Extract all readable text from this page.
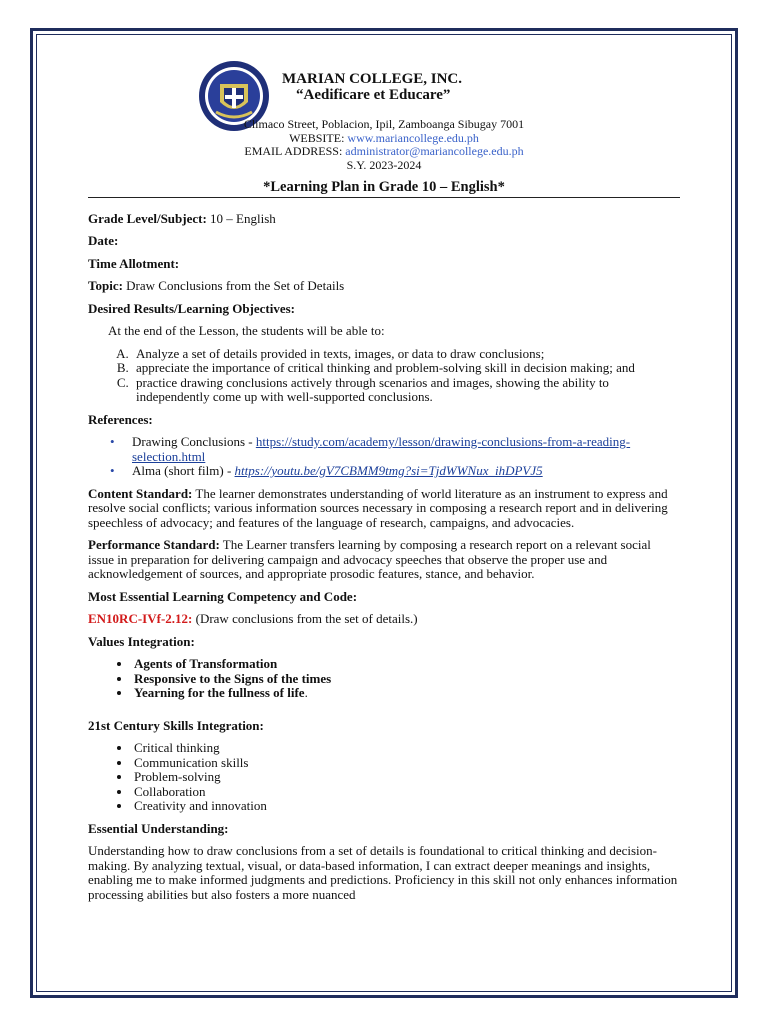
MARIAN COLLEGE, INC.
“Aedificare et Educare”
Climaco Street, Poblacion, Ipil, Zamboanga Sibugay 7001
WEBSITE: www.mariancollege.edu.ph
EMAIL ADDRESS: administrator@mariancollege.edu.ph
S.Y. 2023-2024
*Learning Plan in Grade 10 – English*

Grade Level/Subject: 10 – English

Date:

Time Allotment:

Topic: Draw Conclusions from the Set of Details

Desired Results/Learning Objectives:

At the end of the Lesson, the students will be able to:

A. Analyze a set of details provided in texts, images, or data to draw conclusions;
B. appreciate the importance of critical thinking and problem-solving skill in decision making; and
C. practice drawing conclusions actively through scenarios and images, showing the ability to independently come up with well-supported conclusions.

References:

• Drawing Conclusions - https://study.com/academy/lesson/drawing-conclusions-from-a-reading-selection.html
• Alma (short film) - https://youtu.be/gV7CBMM9tmg?si=TjdWWNux_ihDPVJ5

Content Standard: The learner demonstrates understanding of world literature as an instrument to express and resolve social conflicts; various information sources necessary in composing a research report and in delivering speechless of advocacy; and features of the language of research, campaigns, and advocacies.

Performance Standard: The Learner transfers learning by composing a research report on a relevant social issue in preparation for delivering campaign and advocacy speeches that observe the proper use and acknowledgement of sources, and appropriate prosodic features, stance, and behavior.

Most Essential Learning Competency and Code:

EN10RC-IVf-2.12: (Draw conclusions from the set of details.)

Values Integration:

• Agents of Transformation
• Responsive to the Signs of the times
• Yearning for the fullness of life.

21st Century Skills Integration:

• Critical thinking
• Communication skills
• Problem-solving
• Collaboration
• Creativity and innovation

Essential Understanding:

Understanding how to draw conclusions from a set of details is foundational to critical thinking and decision-making. By analyzing textual, visual, or data-based information, I can extract deeper meanings and insights, enabling me to make informed judgments and predictions. Proficiency in this skill not only enhances information processing abilities but also fosters a more nuanced
